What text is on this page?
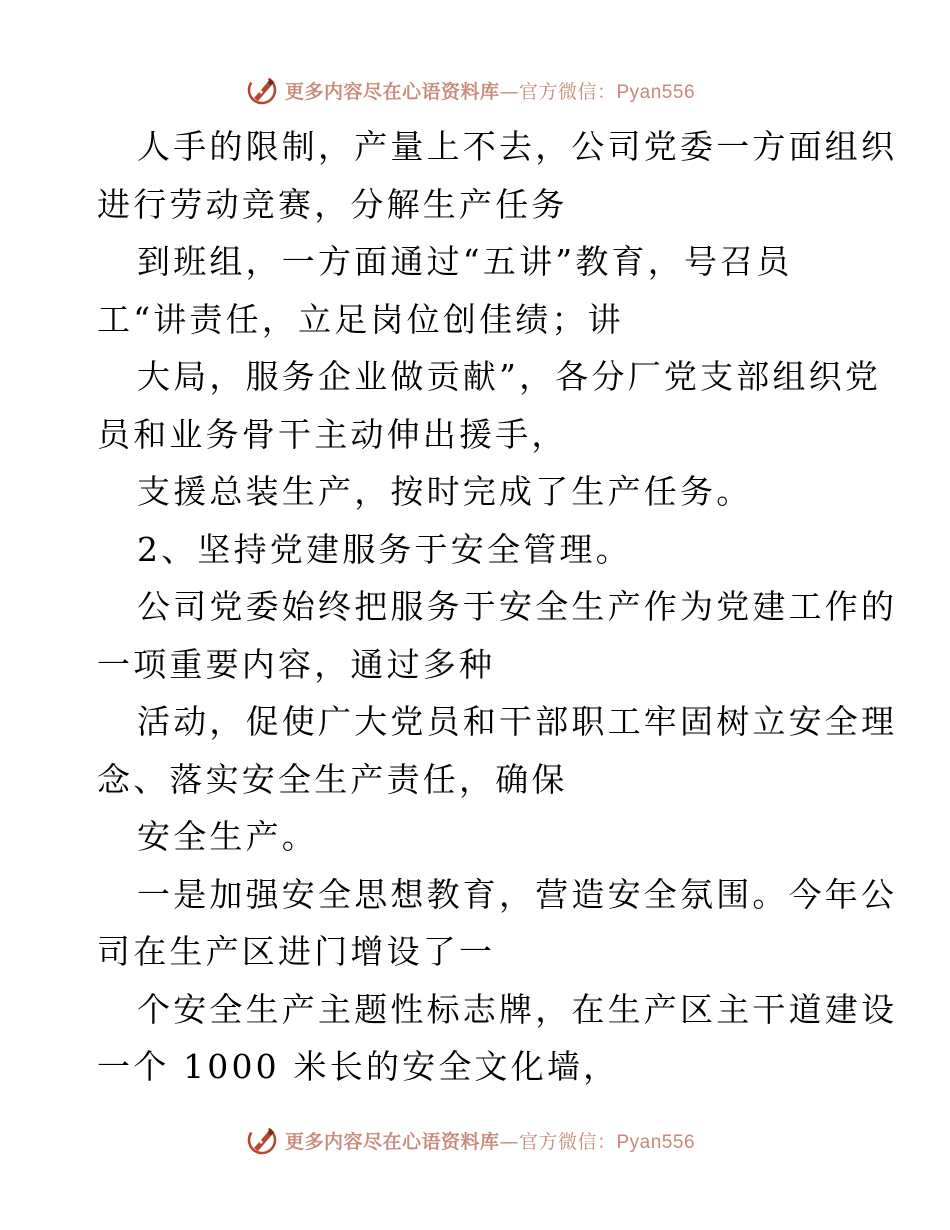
更多内容尽在心语资料库—官方微信：Pyan556
人手的限制，产量上不去，公司党委一方面组织
进行劳动竞赛，分解生产任务
到班组，一方面通过“五讲”教育，号召员
工“讲责任，立足岗位创佳绩；讲
大局，服务企业做贡献”，各分厂党支部组织党
员和业务骨干主动伸出援手，
支援总装生产，按时完成了生产任务。
2、坚持党建服务于安全管理。
公司党委始终把服务于安全生产作为党建工作的
一项重要内容，通过多种
活动，促使广大党员和干部职工牢固树立安全理
念、落实安全生产责任，确保
安全生产。
一是加强安全思想教育，营造安全氛围。今年公
司在生产区进门增设了一
个安全生产主题性标志牌，在生产区主干道建设
一个 1000 米长的安全文化墙，
更多内容尽在心语资料库—官方微信：Pyan556
